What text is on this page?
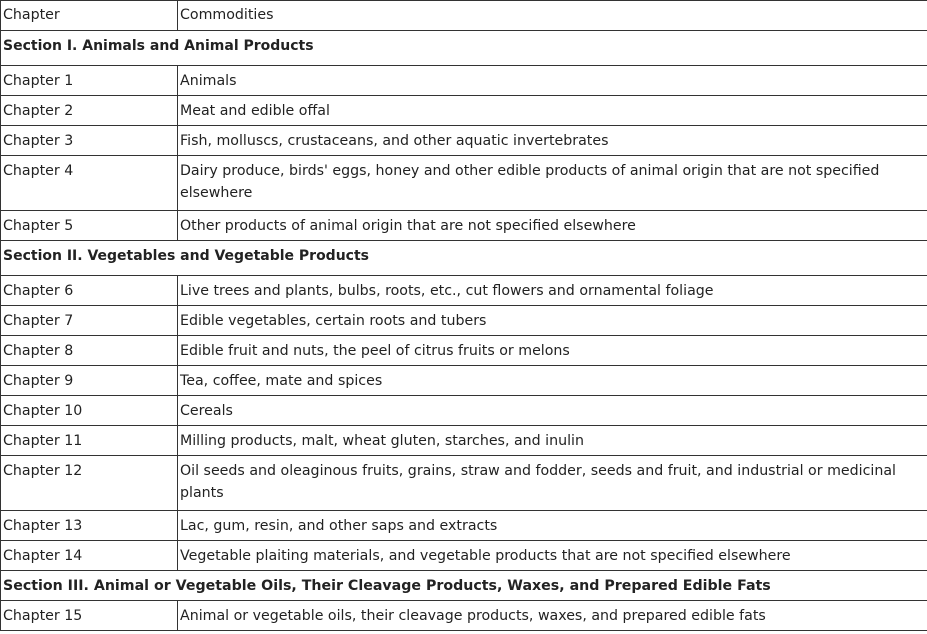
Chapter	Commodities
Section I. Animals and Animal Products	
Chapter 1	Animals
Chapter 2	Meat and edible offal
Chapter 3	Fish, molluscs, crustaceans, and other aquatic invertebrates
Chapter 4	Dairy produce, birds' eggs, honey and other edible products of animal origin that are not specified elsewhere
Chapter 5	Other products of animal origin that are not specified elsewhere
Section II. Vegetables and Vegetable Products	
Chapter 6	Live trees and plants, bulbs, roots, etc., cut flowers and ornamental foliage
Chapter 7	Edible vegetables, certain roots and tubers
Chapter 8	Edible fruit and nuts, the peel of citrus fruits or melons
Chapter 9	Tea, coffee, mate and spices
Chapter 10	Cereals
Chapter 11	Milling products, malt, wheat gluten, starches, and inulin
Chapter 12	Oil seeds and oleaginous fruits, grains, straw and fodder, seeds and fruit, and industrial or medicinal plants
Chapter 13	Lac, gum, resin, and other saps and extracts
Chapter 14	Vegetable plaiting materials, and vegetable products that are not specified elsewhere
Section III. Animal or Vegetable Oils, Their Cleavage Products, Waxes, and Prepared Edible Fats	
Chapter 15	Animal or vegetable oils, their cleavage products, waxes, and prepared edible fats
